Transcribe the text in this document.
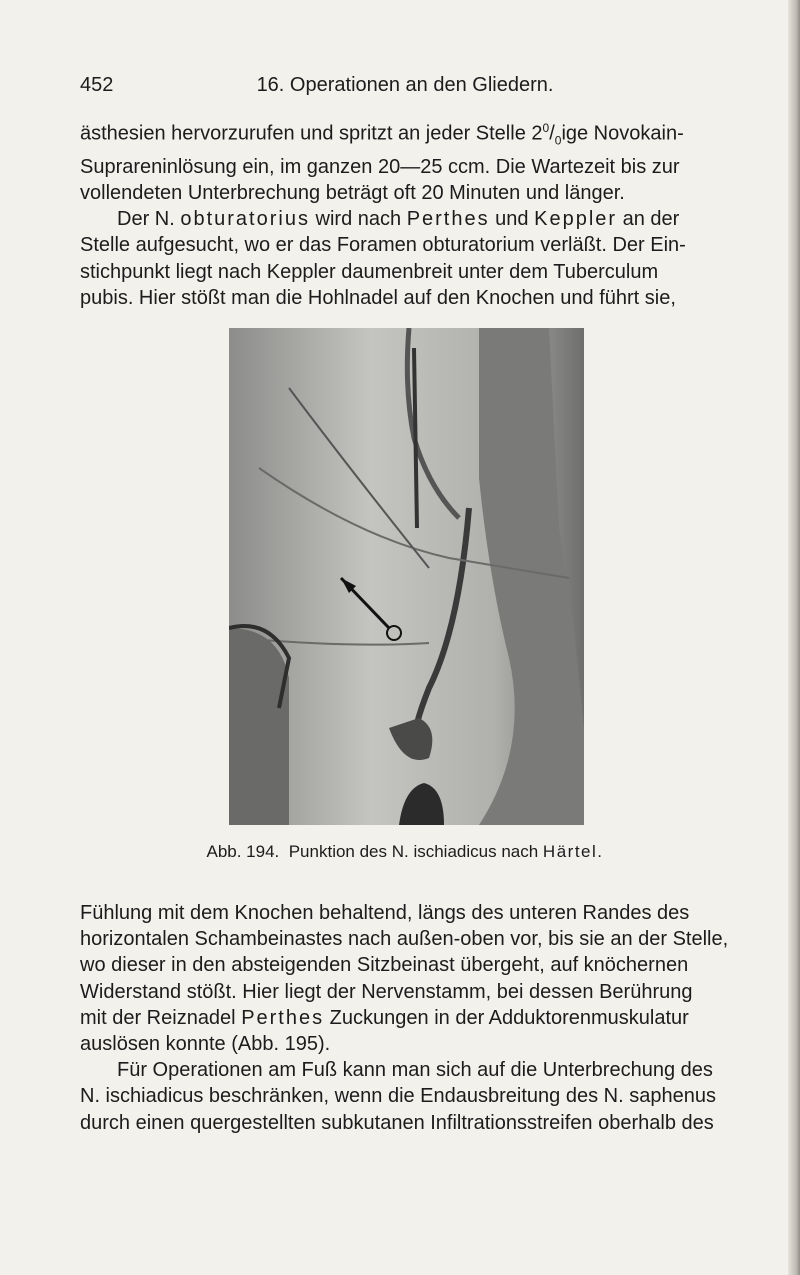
452	16. Operationen an den Gliedern.
ästhesien hervorzurufen und spritzt an jeder Stelle $2^0/_0ige$ Novokain-
Suprareninlösung ein, im ganzen 20—25 ccm. Die Wartezeit bis zur
vollendeten Unterbrechung beträgt oft 20 Minuten und länger.
Der N. obturatorius wird nach Perthes und Keppler an der
Stelle aufgesucht, wo er das Foramen obturatorium verläßt. Der Ein-
stichpunkt liegt nach Keppler daumenbreit unter dem Tuberculum
pubis. Hier stößt man die Hohlnadel auf den Knochen und führt sie,
Abb. 194. Punktion des N. ischiadicus nach Härtel.
Fühlung mit dem Knochen behaltend, längs des unteren Randes des
horizontalen Schambeinastes nach außen-oben vor, bis sie an der Stelle,
wo dieser in den absteigenden Sitzbeinast übergeht, auf knöchernen
Widerstand stößt. Hier liegt der Nervenstamm, bei dessen Berührung
mit der Reiznadel Perthes Zuckungen in der Adduktorenmuskulatur
auslösen konnte (Abb. 195).
Für Operationen am Fuß kann man sich auf die Unterbrechung des
N. ischiadicus beschränken, wenn die Endausbreitung des N. saphenus
durch einen quergestellten subkutanen Infiltrationsstreifen oberhalb des
